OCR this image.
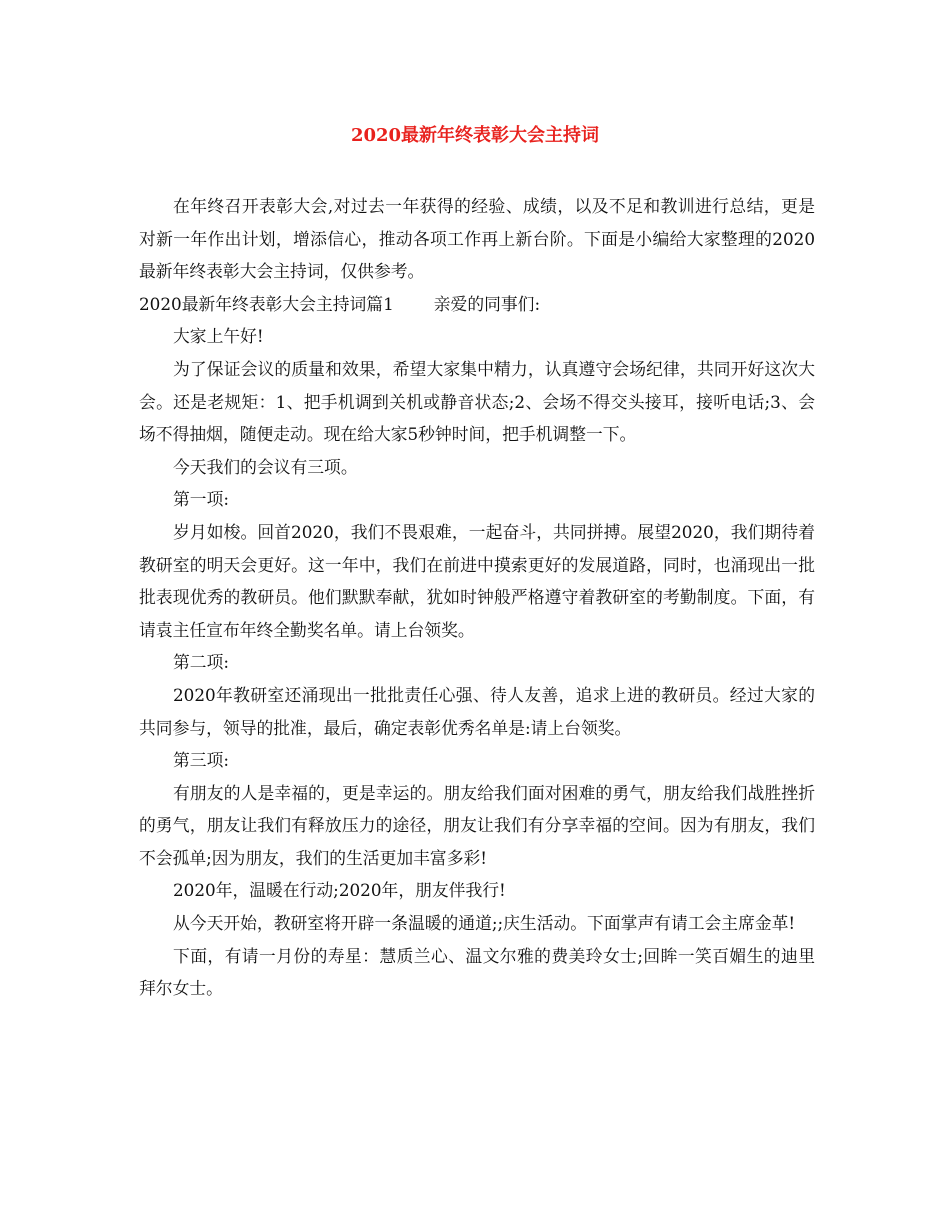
2020最新年终表彰大会主持词

在年终召开表彰大会,对过去一年获得的经验、成绩，以及不足和教训进行总结，更是对新一年作出计划，增添信心，推动各项工作再上新台阶。下面是小编给大家整理的2020最新年终表彰大会主持词，仅供参考。

2020最新年终表彰大会主持词篇1 亲爱的同事们:

大家上午好!

为了保证会议的质量和效果，希望大家集中精力，认真遵守会场纪律，共同开好这次大会。还是老规矩：1、把手机调到关机或静音状态;2、会场不得交头接耳，接听电话;3、会场不得抽烟，随便走动。现在给大家5秒钟时间，把手机调整一下。

今天我们的会议有三项。

第一项:

岁月如梭。回首2020，我们不畏艰难，一起奋斗，共同拼搏。展望2020，我们期待着教研室的明天会更好。这一年中，我们在前进中摸索更好的发展道路，同时，也涌现出一批批表现优秀的教研员。他们默默奉献，犹如时钟般严格遵守着教研室的考勤制度。下面，有请袁主任宣布年终全勤奖名单。请上台领奖。

第二项:

2020年教研室还涌现出一批批责任心强、待人友善，追求上进的教研员。经过大家的共同参与，领导的批准，最后，确定表彰优秀名单是:请上台领奖。

第三项:

有朋友的人是幸福的，更是幸运的。朋友给我们面对困难的勇气，朋友给我们战胜挫折的勇气，朋友让我们有释放压力的途径，朋友让我们有分享幸福的空间。因为有朋友，我们不会孤单;因为朋友，我们的生活更加丰富多彩!

2020年，温暖在行动;2020年，朋友伴我行!

从今天开始，教研室将开辟一条温暖的通道;;庆生活动。下面掌声有请工会主席金革!

下面，有请一月份的寿星：慧质兰心、温文尔雅的费美玲女士;回眸一笑百媚生的迪里拜尔女士。
